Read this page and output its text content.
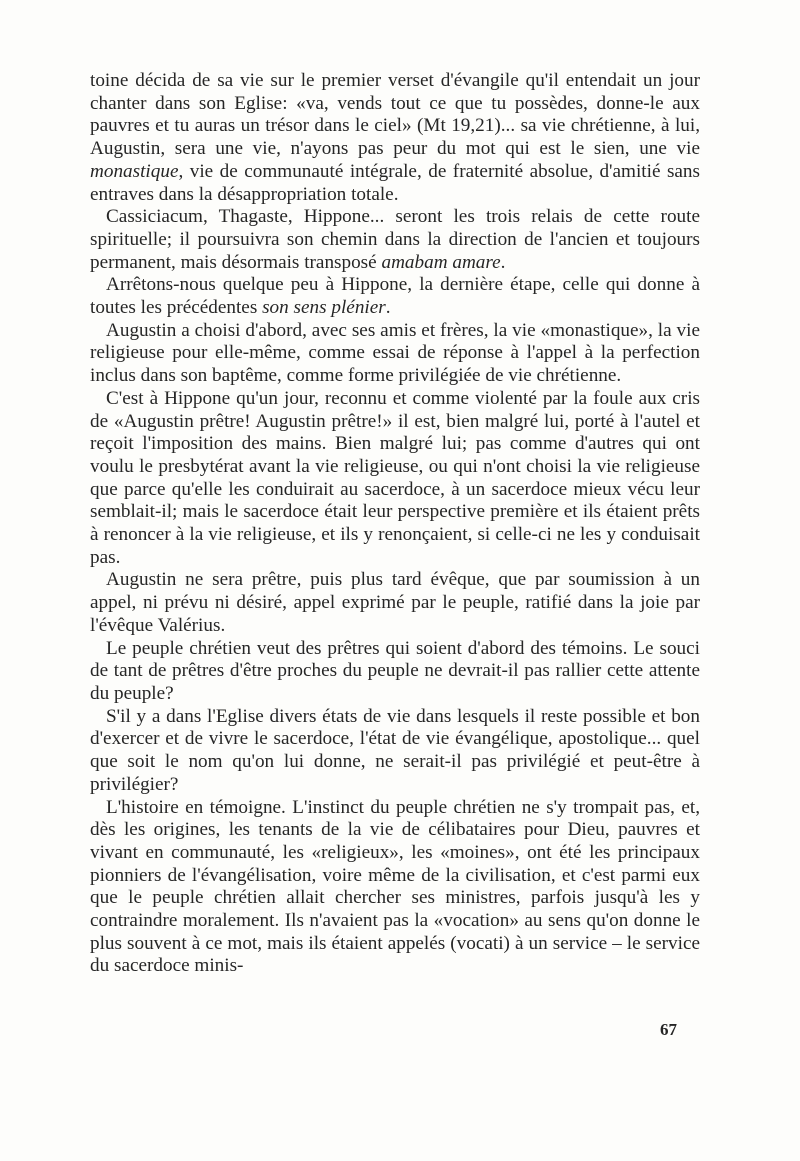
toine décida de sa vie sur le premier verset d'évangile qu'il entendait un jour chanter dans son Eglise: «va, vends tout ce que tu possèdes, donne-le aux pauvres et tu auras un trésor dans le ciel» (Mt 19,21)... sa vie chrétienne, à lui, Augustin, sera une vie, n'ayons pas peur du mot qui est le sien, une vie monastique, vie de communauté intégrale, de fraternité absolue, d'amitié sans entraves dans la désappropriation totale.

Cassiciacum, Thagaste, Hippone... seront les trois relais de cette route spirituelle; il poursuivra son chemin dans la direction de l'ancien et toujours permanent, mais désormais transposé amabam amare.

Arrêtons-nous quelque peu à Hippone, la dernière étape, celle qui donne à toutes les précédentes son sens plénier.

Augustin a choisi d'abord, avec ses amis et frères, la vie «monastique», la vie religieuse pour elle-même, comme essai de réponse à l'appel à la perfection inclus dans son baptême, comme forme privilégiée de vie chrétienne.

C'est à Hippone qu'un jour, reconnu et comme violenté par la foule aux cris de «Augustin prêtre! Augustin prêtre!» il est, bien malgré lui, porté à l'autel et reçoit l'imposition des mains. Bien malgré lui; pas comme d'autres qui ont voulu le presbytérat avant la vie religieuse, ou qui n'ont choisi la vie religieuse que parce qu'elle les conduirait au sacerdoce, à un sacerdoce mieux vécu leur semblait-il; mais le sacerdoce était leur perspective première et ils étaient prêts à renoncer à la vie religieuse, et ils y renonçaient, si celle-ci ne les y conduisait pas.

Augustin ne sera prêtre, puis plus tard évêque, que par soumission à un appel, ni prévu ni désiré, appel exprimé par le peuple, ratifié dans la joie par l'évêque Valérius.

Le peuple chrétien veut des prêtres qui soient d'abord des témoins. Le souci de tant de prêtres d'être proches du peuple ne devrait-il pas rallier cette attente du peuple?

S'il y a dans l'Eglise divers états de vie dans lesquels il reste possible et bon d'exercer et de vivre le sacerdoce, l'état de vie évangélique, apostolique... quel que soit le nom qu'on lui donne, ne serait-il pas privilégié et peut-être à privilégier?

L'histoire en témoigne. L'instinct du peuple chrétien ne s'y trompait pas, et, dès les origines, les tenants de la vie de célibataires pour Dieu, pauvres et vivant en communauté, les «religieux», les «moines», ont été les principaux pionniers de l'évangélisation, voire même de la civilisation, et c'est parmi eux que le peuple chrétien allait chercher ses ministres, parfois jusqu'à les y contraindre moralement. Ils n'avaient pas la «vocation» au sens qu'on donne le plus souvent à ce mot, mais ils étaient appelés (vocati) à un service – le service du sacerdoce minis-

67
